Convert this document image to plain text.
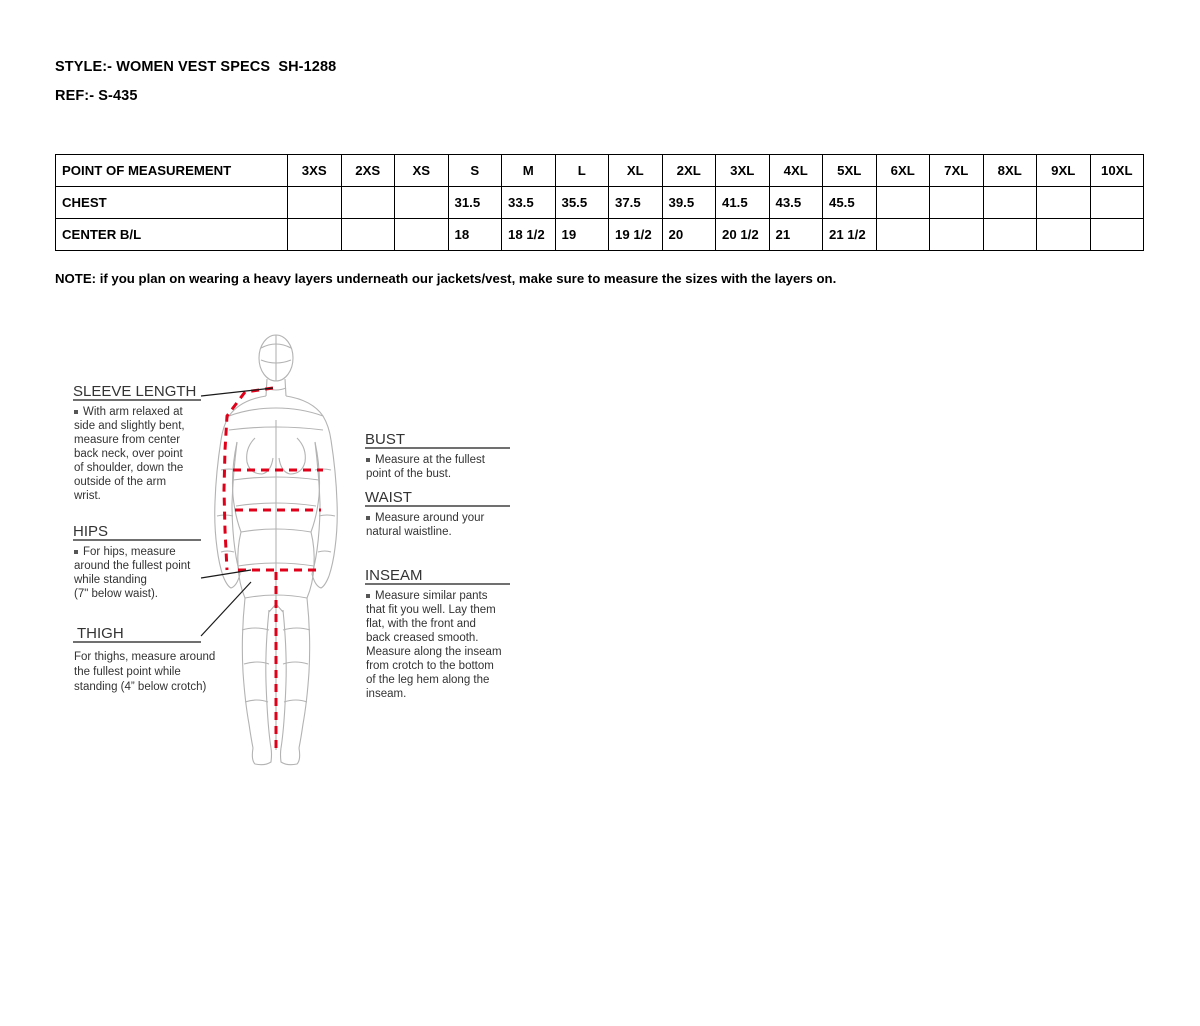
STYLE:- WOMEN VEST SPECS  SH-1288
REF:- S-435
POINT OF MEASUREMENT	3XS	2XS	XS	S	M	L	XL	2XL	3XL	4XL	5XL	6XL	7XL	8XL	9XL	10XL
CHEST				31.5	33.5	35.5	37.5	39.5	41.5	43.5	45.5					
CENTER B/L				18	18 1/2	19	19 1/2	20	20 1/2	21	21 1/2					
NOTE: if you plan on wearing a heavy layers underneath our jackets/vest, make sure to measure the sizes with the layers on.
SLEEVE LENGTH
With arm relaxed at side and slightly bent, measure from center back neck, over point of shoulder, down the outside of the arm wrist.
HIPS
For hips, measure around the fullest point while standing (7" below waist).
THIGH
For thighs, measure around the fullest point while standing (4” below crotch)
BUST
Measure at the fullest point of the bust.
WAIST
Measure around your natural waistline.
INSEAM
Measure similar pants that fit you well. Lay them flat, with the front and back creased smooth. Measure along the inseam from crotch to the bottom of the leg hem along the inseam.
